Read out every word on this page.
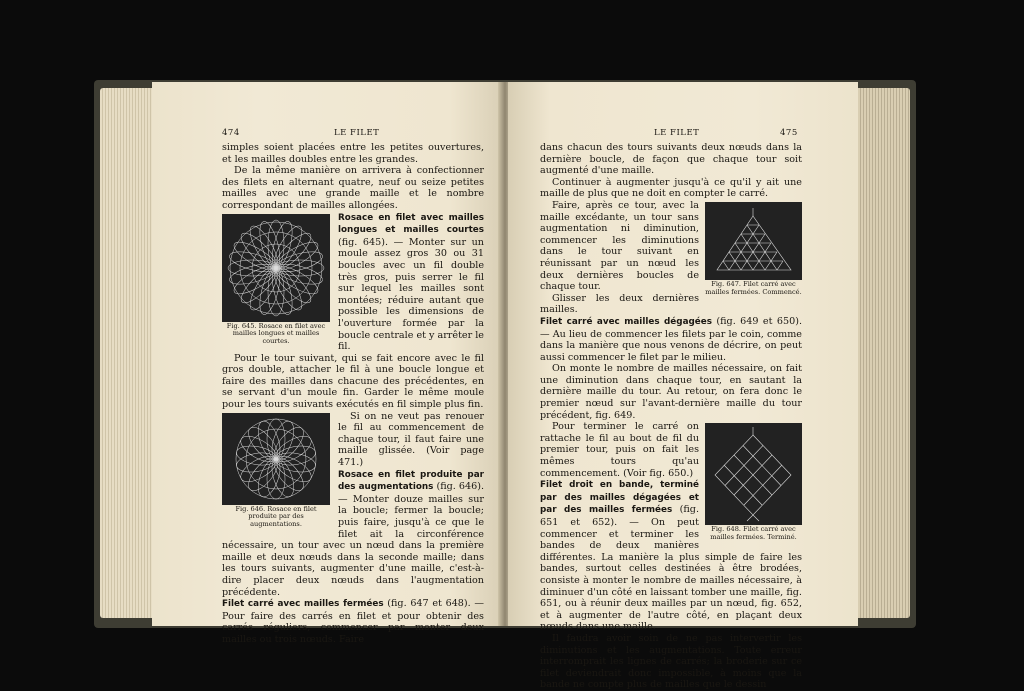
474	LE FILET

simples soient placées entre les petites ouvertures, et les mailles doubles entre les grandes.

De la même manière on arrivera à confectionner des filets en alternant quatre, neuf ou seize petites mailles avec une grande maille et le nombre correspondant de mailles allongées.

Fig. 645. Rosace en filet avec mailles longues et mailles courtes.

Rosace en filet avec mailles longues et mailles courtes (fig. 645). — Monter sur un moule assez gros 30 ou 31 boucles avec un fil double très gros, puis serrer le fil sur lequel les mailles sont montées; réduire autant que possible les dimensions de l'ouverture formée par la boucle centrale et y arrêter le fil.

Pour le tour suivant, qui se fait encore avec le fil gros double, attacher le fil à une boucle longue et faire des mailles dans chacune des précédentes, en se servant d'un moule fin. Garder le même moule pour les tours suivants exécutés en fil simple plus fin.

Fig. 646. Rosace en filet produite par des augmentations.

Si on ne veut pas renouer le fil au commencement de chaque tour, il faut faire une maille glissée. (Voir page 471.)

Rosace en filet produite par des augmentations (fig. 646). — Monter douze mailles sur la boucle; fermer la boucle; puis faire, jusqu'à ce que le filet ait la circonférence nécessaire, un tour avec un nœud dans la première maille et deux nœuds dans la seconde maille; dans les tours suivants, augmenter d'une maille, c'est-à-dire placer deux nœuds dans l'augmentation précédente.

Filet carré avec mailles fermées (fig. 647 et 648). — Pour faire des carrés en filet et pour obtenir des carrés réguliers, commencer par monter deux mailles ou trois nœuds. Faire

LE FILET	475

dans chacun des tours suivants deux nœuds dans la dernière boucle, de façon que chaque tour soit augmenté d'une maille.

Continuer à augmenter jusqu'à ce qu'il y ait une maille de plus que ne doit en compter le carré.

Fig. 647. Filet carré avec mailles fermées. Commencé.

Faire, après ce tour, avec la maille excédante, un tour sans augmentation ni diminution, commencer les diminutions dans le tour suivant en réunissant par un nœud les deux dernières boucles de chaque tour.

Glisser les deux dernières mailles.

Filet carré avec mailles dégagées (fig. 649 et 650). — Au lieu de commencer les filets par le coin, comme dans la manière que nous venons de décrire, on peut aussi commencer le filet par le milieu.

On monte le nombre de mailles nécessaire, on fait une diminution dans chaque tour, en sautant la dernière maille du tour. Au retour, on fera donc le premier nœud sur l'avant-dernière maille du tour précédent, fig. 649.

Fig. 648. Filet carré avec mailles fermées. Terminé.

Pour terminer le carré on rattache le fil au bout de fil du premier tour, puis on fait les mêmes tours qu'au commencement. (Voir fig. 650.)

Filet droit en bande, terminé par des mailles dégagées et par des mailles fermées (fig. 651 et 652). — On peut commencer et terminer les bandes de deux manières différentes. La manière la plus simple de faire les bandes, surtout celles destinées à être brodées, consiste à monter le nombre de mailles nécessaire, à diminuer d'un côté en laissant tomber une maille, fig. 651, ou à réunir deux mailles par un nœud, fig. 652, et à augmenter de l'autre côté, en plaçant deux nœuds dans une maille.

Il faudra avoir soin de ne pas intervertir les diminutions et les augmentations. Toute erreur interromprait les lignes de carrés; la broderie sur ce filet deviendrait donc impossible, à moins que la bande ne compte plus de mailles que le dessin
